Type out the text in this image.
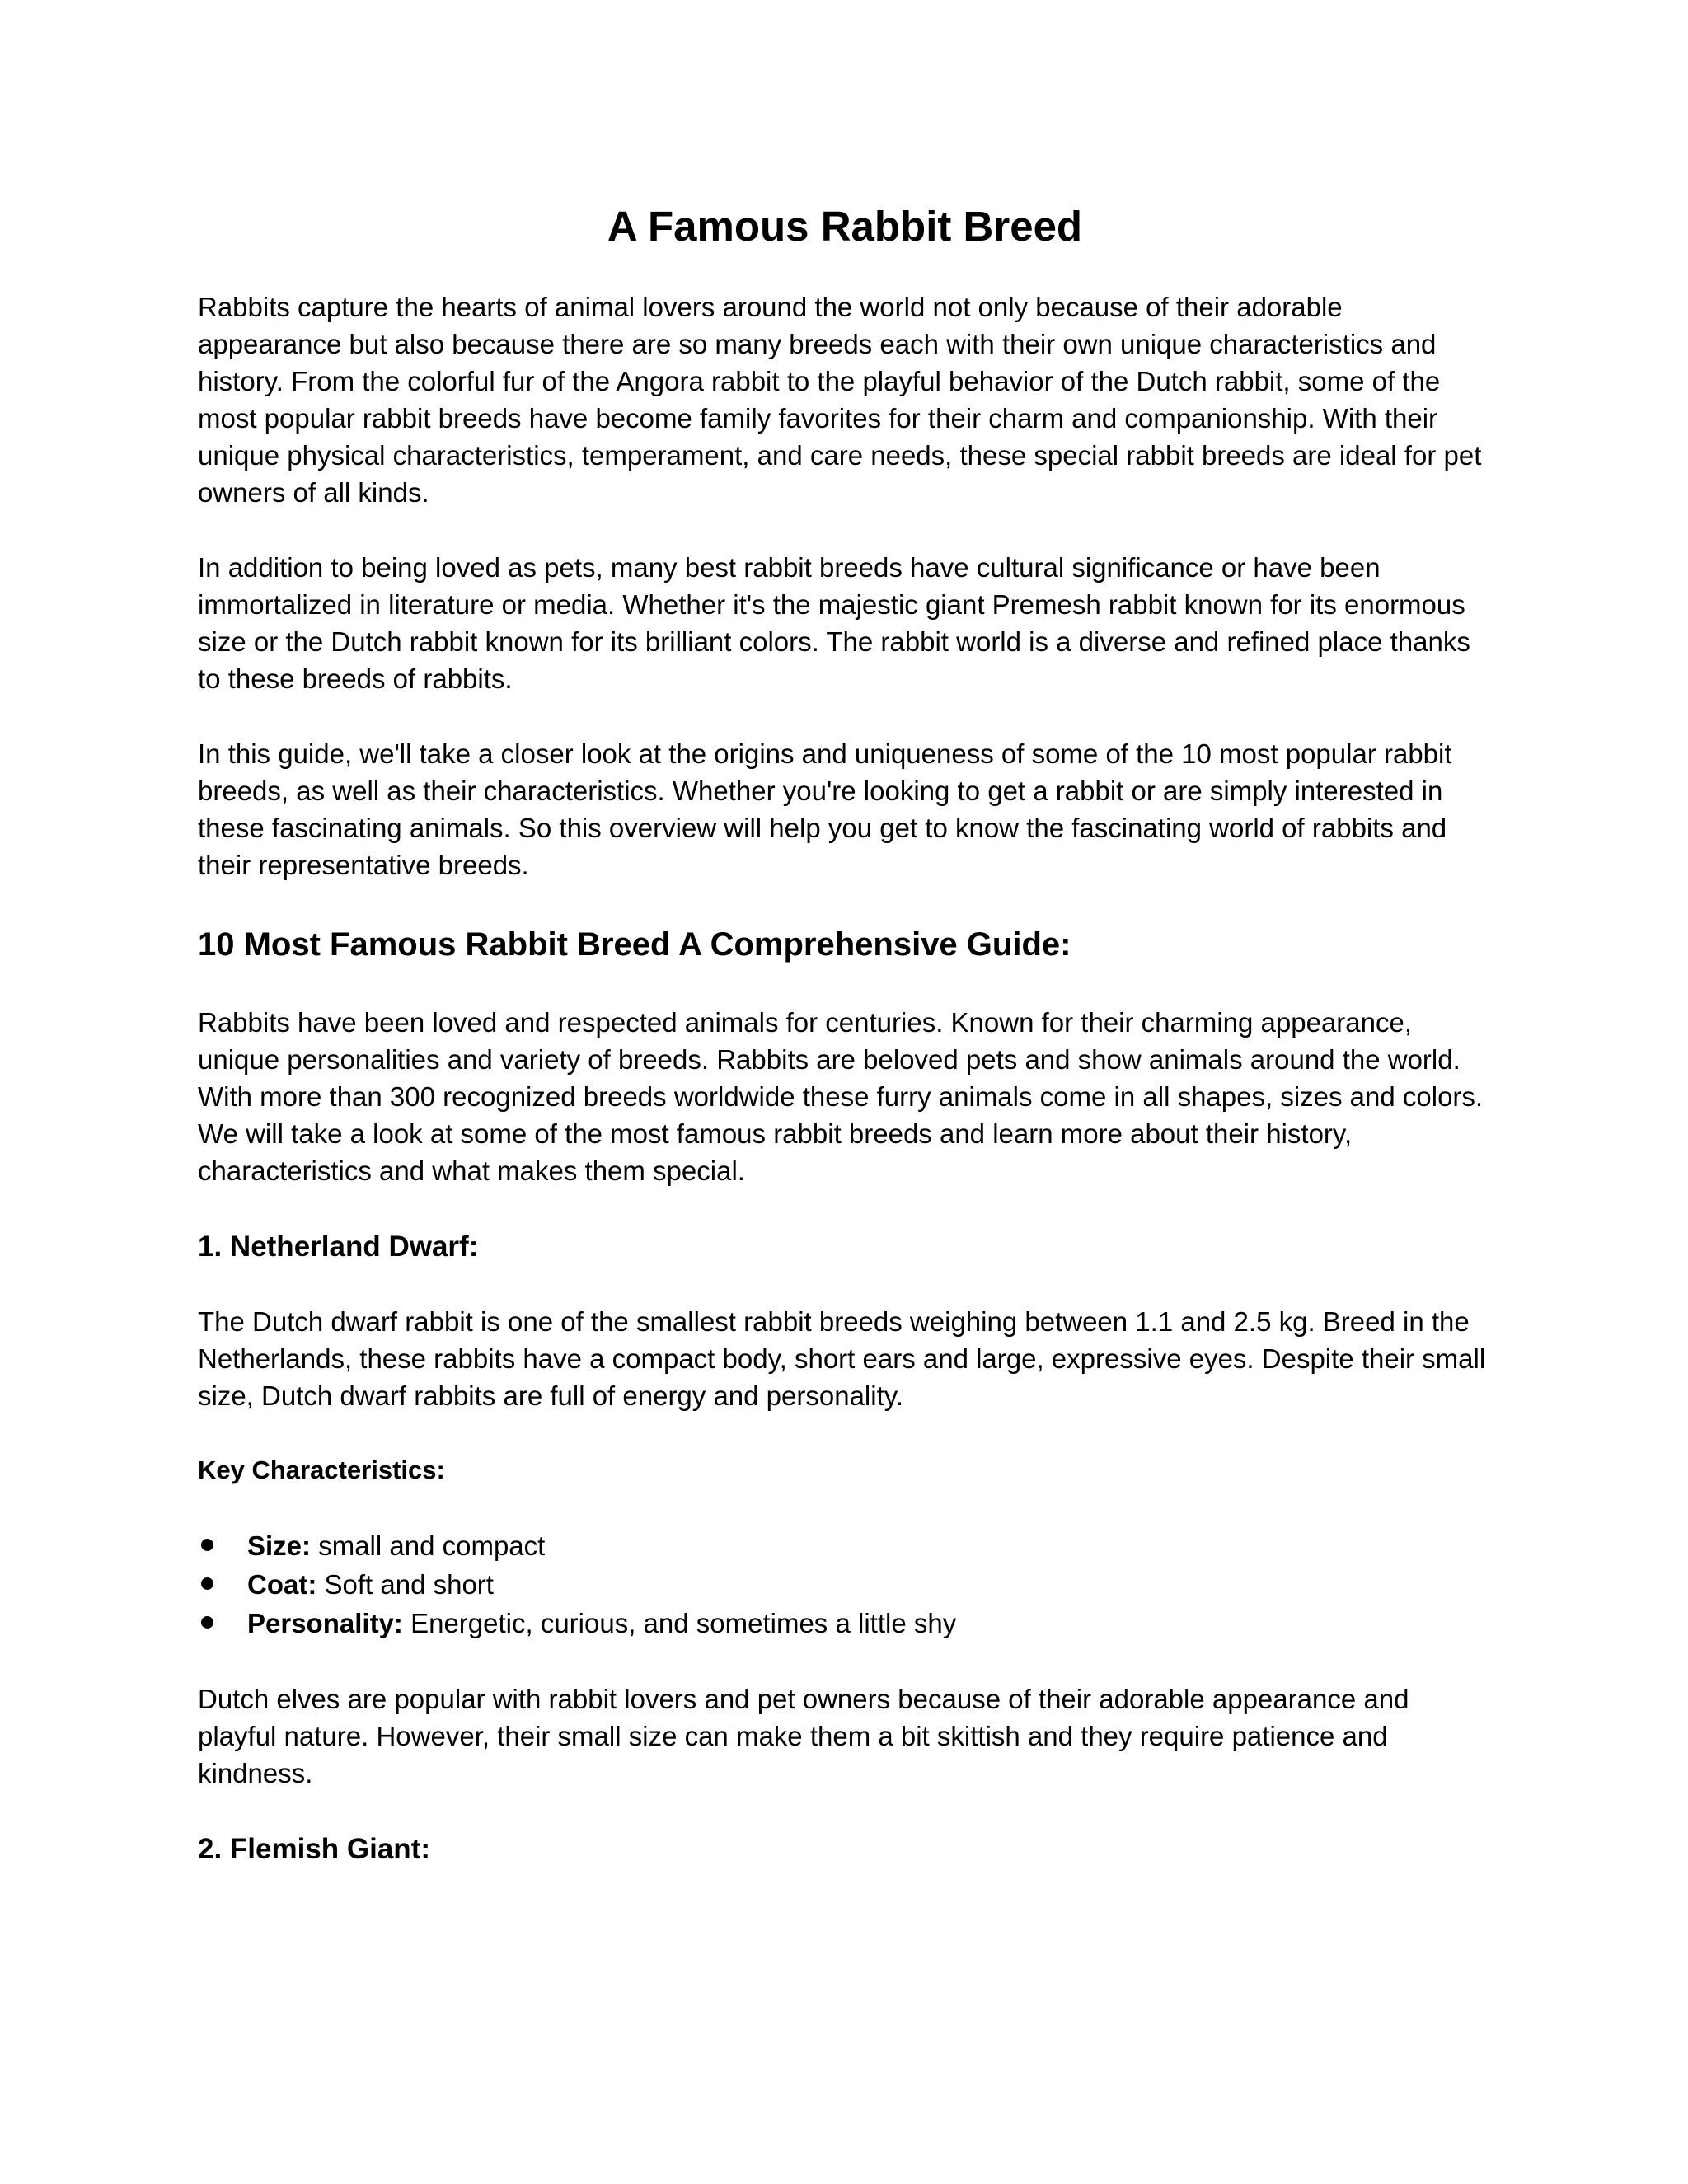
A Famous Rabbit Breed

Rabbits capture the hearts of animal lovers around the world not only because of their adorable appearance but also because there are so many breeds each with their own unique characteristics and history. From the colorful fur of the Angora rabbit to the playful behavior of the Dutch rabbit, some of the most popular rabbit breeds have become family favorites for their charm and companionship. With their unique physical characteristics, temperament, and care needs, these special rabbit breeds are ideal for pet owners of all kinds.

In addition to being loved as pets, many best rabbit breeds have cultural significance or have been immortalized in literature or media. Whether it's the majestic giant Premesh rabbit known for its enormous size or the Dutch rabbit known for its brilliant colors. The rabbit world is a diverse and refined place thanks to these breeds of rabbits.

In this guide, we'll take a closer look at the origins and uniqueness of some of the 10 most popular rabbit breeds, as well as their characteristics. Whether you're looking to get a rabbit or are simply interested in these fascinating animals. So this overview will help you get to know the fascinating world of rabbits and their representative breeds.

10 Most Famous Rabbit Breed A Comprehensive Guide:

Rabbits have been loved and respected animals for centuries. Known for their charming appearance, unique personalities and variety of breeds. Rabbits are beloved pets and show animals around the world. With more than 300 recognized breeds worldwide these furry animals come in all shapes, sizes and colors. We will take a look at some of the most famous rabbit breeds and learn more about their history, characteristics and what makes them special.

1. Netherland Dwarf:

The Dutch dwarf rabbit is one of the smallest rabbit breeds weighing between 1.1 and 2.5 kg. Breed in the Netherlands, these rabbits have a compact body, short ears and large, expressive eyes. Despite their small size, Dutch dwarf rabbits are full of energy and personality.

Key Characteristics:

Size: small and compact
Coat: Soft and short
Personality: Energetic, curious, and sometimes a little shy

Dutch elves are popular with rabbit lovers and pet owners because of their adorable appearance and playful nature. However, their small size can make them a bit skittish and they require patience and kindness.

2. Flemish Giant:
